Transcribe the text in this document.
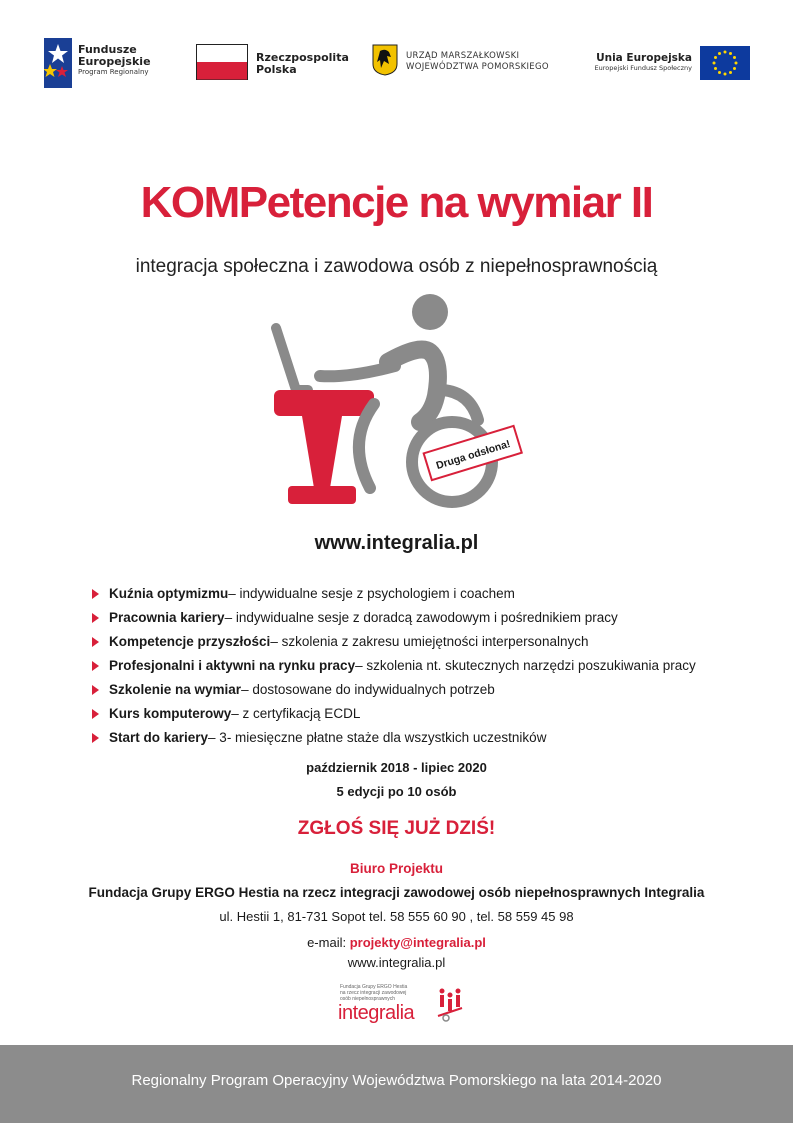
Fundusze
Europejskie
Program Regionalny
Rzeczpospolita
Polska
URZĄD MARSZAŁKOWSKI
WOJEWÓDZTWA POMORSKIEGO
Unia Europejska
Europejski Fundusz Społeczny
KOMPetencje na wymiar II
integracja społeczna i zawodowa osób z niepełnosprawnością
Druga odsłona!
www.integralia.pl
Kuźnia optymizmu – indywidualne sesje z psychologiem i coachem
Pracownia kariery – indywidualne sesje z doradcą zawodowym i pośrednikiem pracy
Kompetencje przyszłości – szkolenia z zakresu umiejętności interpersonalnych
Profesjonalni i aktywni na rynku pracy – szkolenia nt. skutecznych narzędzi poszukiwania pracy
Szkolenie na wymiar – dostosowane do indywidualnych potrzeb
Kurs komputerowy – z certyfikacją ECDL
Start do kariery – 3- miesięczne płatne staże dla wszystkich uczestników
październik 2018 - lipiec 2020
5 edycji po 10 osób
ZGŁOŚ SIĘ JUŻ DZIŚ!
Biuro Projektu
Fundacja Grupy ERGO Hestia na rzecz integracji zawodowej osób niepełnosprawnych Integralia
ul. Hestii 1, 81-731 Sopot tel. 58 555 60 90 , tel. 58 559 45 98
e-mail: projekty@integralia.pl
www.integralia.pl
Fundacja Grupy ERGO Hestia
na rzecz integracji zawodowej
osób niepełnosprawnych
integralia
Regionalny Program Operacyjny Województwa Pomorskiego na lata 2014-2020
